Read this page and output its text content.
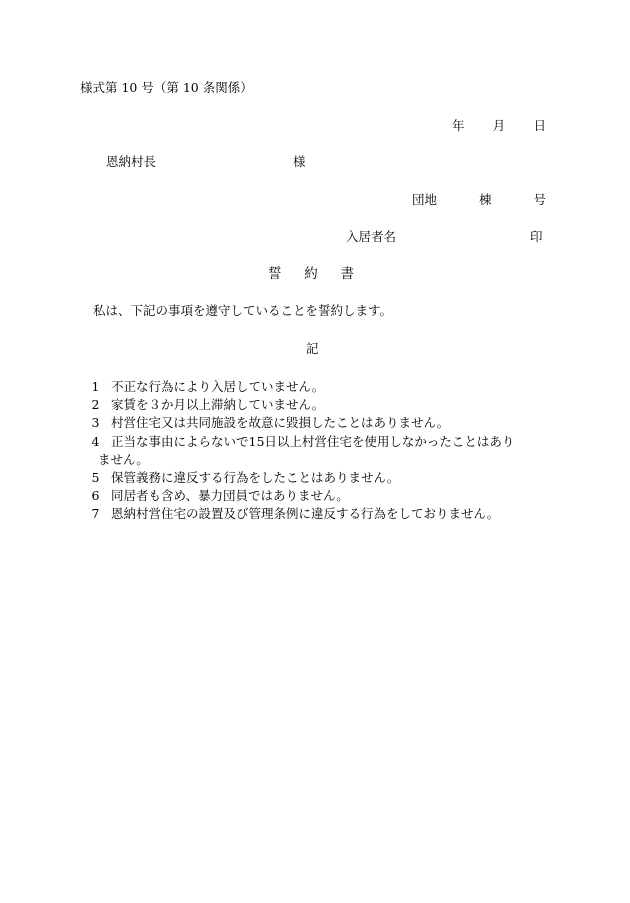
様式第 10 号（第 10 条関係）
年 月 日
恩納村長	様
団地	棟	号
入居者名	印
誓 約 書
私は、下記の事項を遵守していることを誓約します。
記
1 不正な行為により入居していません。
2 家賃を３か月以上滞納していません。
3 村営住宅又は共同施設を故意に毀損したことはありません。
4 正当な事由によらないで15日以上村営住宅を使用しなかったことはあり
ません。
5 保管義務に違反する行為をしたことはありません。
6 同居者も含め、暴力団員ではありません。
7 恩納村営住宅の設置及び管理条例に違反する行為をしておりません。
